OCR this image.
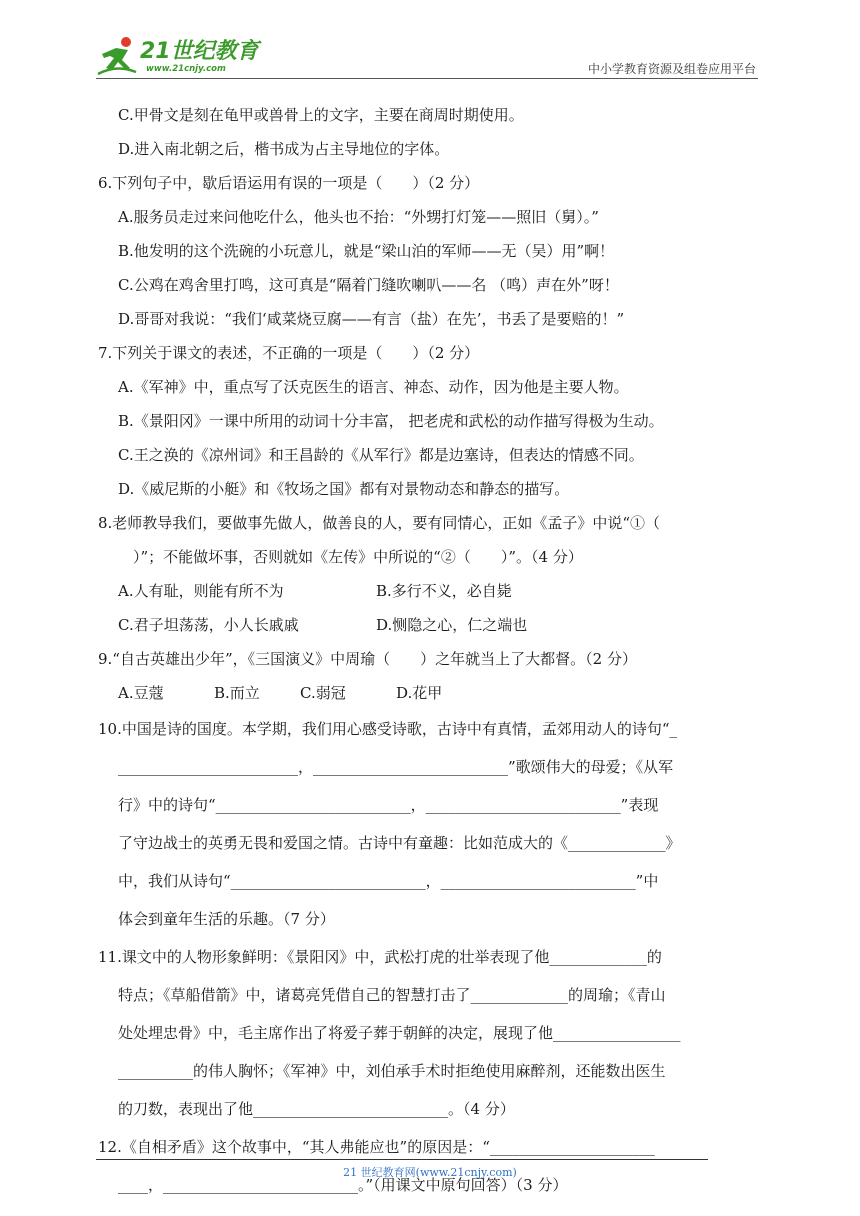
21世纪教育
www.21cnjy.com	中小学教育资源及组卷应用平台
C.甲骨文是刻在龟甲或兽骨上的文字，主要在商周时期使用。
D.进入南北朝之后，楷书成为占主导地位的字体。
6.下列句子中，歇后语运用有误的一项是（　　）（2 分）
A.服务员走过来问他吃什么，他头也不抬：“外甥打灯笼——照旧（舅）。”
B.他发明的这个洗碗的小玩意儿，就是“梁山泊的军师——无（吴）用”啊！
C.公鸡在鸡舍里打鸣，这可真是“隔着门缝吹喇叭——名 （鸣）声在外”呀！
D.哥哥对我说：“我们‘咸菜烧豆腐——有言（盐）在先’，书丢了是要赔的！”
7.下列关于课文的表述，不正确的一项是（　　）（2 分）
A.《军神》中，重点写了沃克医生的语言、神态、动作，因为他是主要人物。
B.《景阳冈》一课中所用的动词十分丰富， 把老虎和武松的动作描写得极为生动。
C.王之涣的《凉州词》和王昌龄的《从军行》都是边塞诗，但表达的情感不同。
D.《威尼斯的小艇》和《牧场之国》都有对景物动态和静态的描写。
8.老师教导我们，要做事先做人，做善良的人，要有同情心，正如《孟子》中说“①（
　）”；不能做坏事，否则就如《左传》中所说的“②（　　）”。（4 分）
A.人有耻，则能有所不为	B.多行不义，必自毙
C.君子坦荡荡，小人长戚戚	D.恻隐之心，仁之端也
9.“自古英雄出少年”，《三国演义》中周瑜（　　）之年就当上了大都督。（2 分）
A.豆蔻	B.而立	C.弱冠	D.花甲
10.中国是诗的国度。本学期，我们用心感受诗歌，古诗中有真情，孟郊用动人的诗句“_
________________________，__________________________”歌颂伟大的母爱；《从军
行》中的诗句“__________________________，__________________________”表现
了守边战士的英勇无畏和爱国之情。古诗中有童趣：比如范成大的《_____________》
中，我们从诗句“__________________________，__________________________”中
体会到童年生活的乐趣。（7 分）
11.课文中的人物形象鲜明：《景阳冈》中，武松打虎的壮举表现了他_____________的
特点；《草船借箭》中，诸葛亮凭借自己的智慧打击了_____________的周瑜；《青山
处处埋忠骨》中，毛主席作出了将爱子葬于朝鲜的决定，展现了他_________________
__________的伟人胸怀；《军神》中，刘伯承手术时拒绝使用麻醉剂，还能数出医生
的刀数，表现出了他__________________________。（4 分）
12.《自相矛盾》这个故事中，“其人弗能应也”的原因是：“______________________
____，__________________________。”（用课文中原句回答）（3 分）
21 世纪教育网(www.21cnjy.com)
